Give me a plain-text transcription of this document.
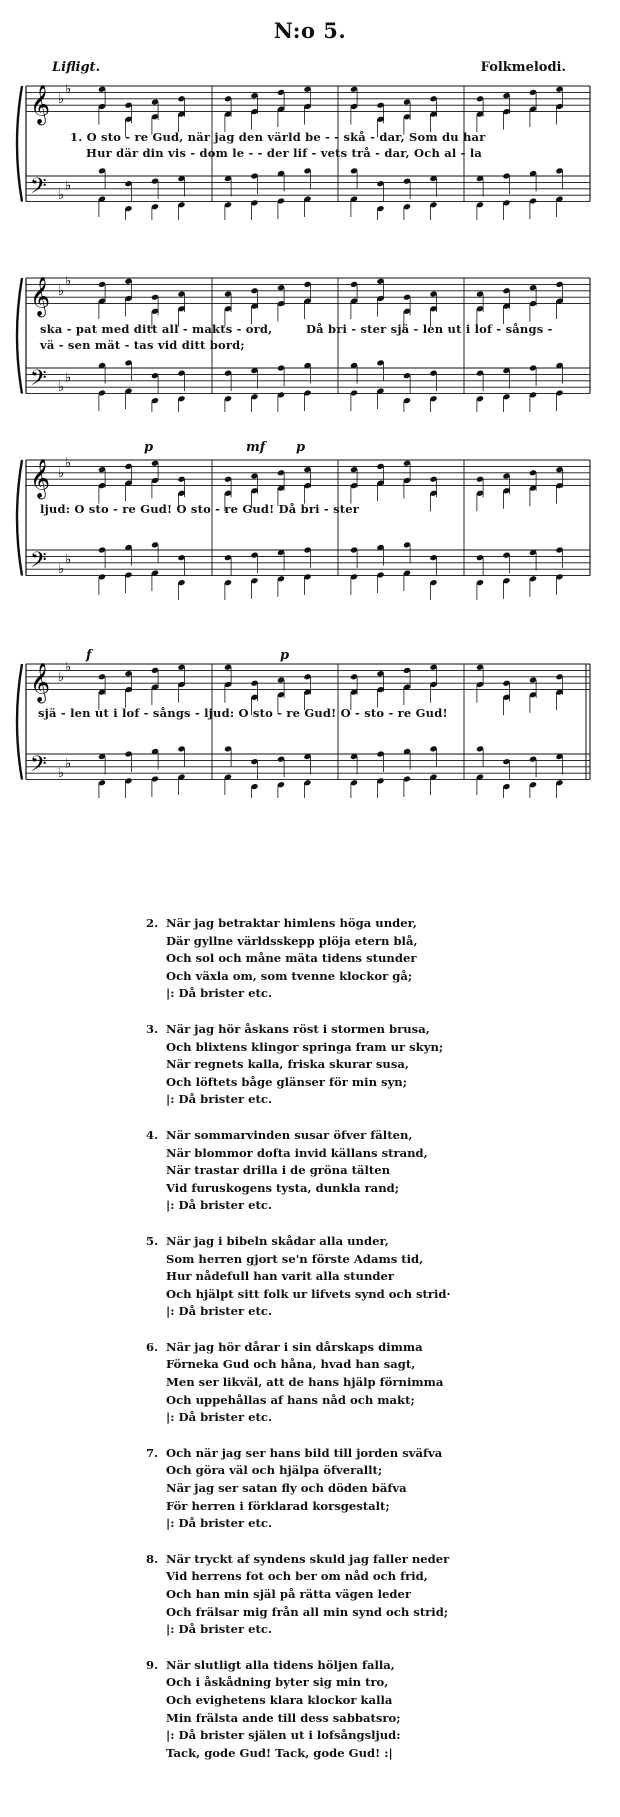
N:o 5.
Lifligt.	Folkmelodi.
𝄞
𝄢
♭
♭
♭
♭
1. O sto - re Gud, när jag den värld be - - skå - dar, Som du har
Hur där din vis - dom le - - der lif - vets trå - dar, Och al - la
𝄞
𝄢
♭
♭
♭
♭
ska - pat med ditt all - makts - ord,
vä - sen mät - tas vid ditt bord;
Då bri - ster sjä - len ut i lof - sångs -
𝄞
𝄢
♭
♭
♭
♭
p	mf p
ljud: O sto - re Gud! O sto - re Gud! Då bri - ster
𝄞
𝄢
♭
♭
♭
♭
f	p
sjä - len ut i lof - sångs - ljud: O sto - re Gud! O - sto - re Gud!
2. När jag betraktar himlens höga under,
Där gyllne världsskepp plöja etern blå,
Och sol och måne mäta tidens stunder
Och växla om, som tvenne klockor gå;
|: Då brister etc.
3. När jag hör åskans röst i stormen brusa,
Och blixtens klingor springa fram ur skyn;
När regnets kalla, friska skurar susa,
Och löftets båge glänser för min syn;
|: Då brister etc.
4. När sommarvinden susar öfver fälten,
När blommor dofta invid källans strand,
När trastar drilla i de gröna tälten
Vid furuskogens tysta, dunkla rand;
|: Då brister etc.
5. När jag i bibeln skådar alla under,
Som herren gjort se'n förste Adams tid,
Hur nådefull han varit alla stunder
Och hjälpt sitt folk ur lifvets synd och strid·
|: Då brister etc.
6. När jag hör dårar i sin dårskaps dimma
Förneka Gud och håna, hvad han sagt,
Men ser likväl, att de hans hjälp förnimma
Och uppehållas af hans nåd och makt;
|: Då brister etc.
7. Och när jag ser hans bild till jorden sväfva
Och göra väl och hjälpa öfverallt;
När jag ser satan fly och döden bäfva
För herren i förklarad korsgestalt;
|: Då brister etc.
8. När tryckt af syndens skuld jag faller neder
Vid herrens fot och ber om nåd och frid,
Och han min själ på rätta vägen leder
Och frälsar mig från all min synd och strid;
|: Då brister etc.
9. När slutligt alla tidens höljen falla,
Och i åskådning byter sig min tro,
Och evighetens klara klockor kalla
Min frälsta ande till dess sabbatsro;
|: Då brister själen ut i lofsångsljud:
Tack, gode Gud! Tack, gode Gud! :|
